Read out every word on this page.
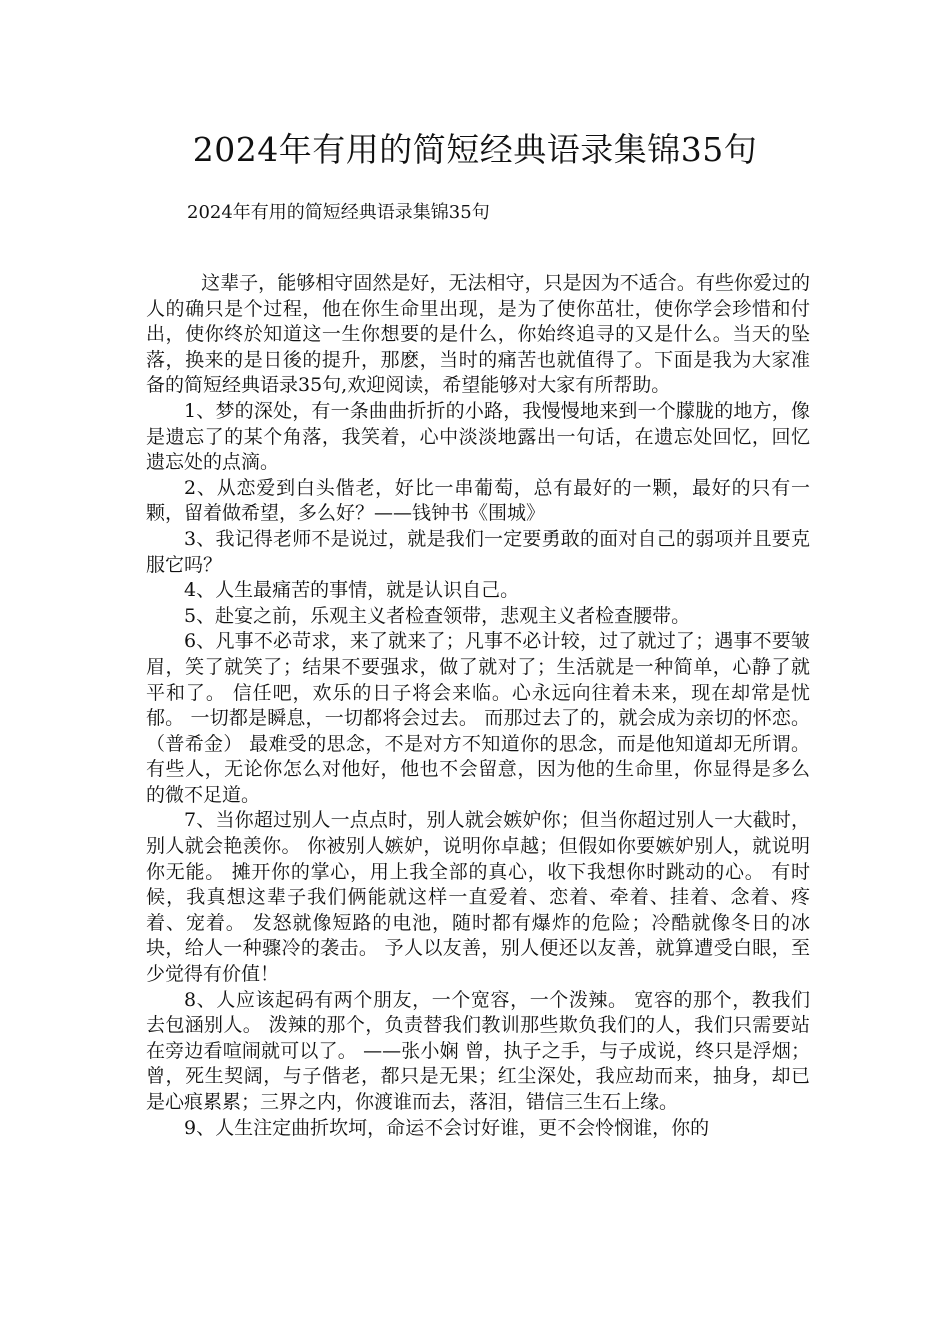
2024年有用的简短经典语录集锦35句

2024年有用的简短经典语录集锦35句

这辈子，能够相守固然是好，无法相守，只是因为不适合。有些你爱过的人的确只是个过程，他在你生命里出现，是为了使你茁壮，使你学会珍惜和付出，使你终於知道这一生你想要的是什么，你始终追寻的又是什么。当天的坠落，换来的是日後的提升，那麽，当时的痛苦也就值得了。下面是我为大家准备的简短经典语录35句,欢迎阅读，希望能够对大家有所帮助。

1、梦的深处，有一条曲曲折折的小路，我慢慢地来到一个朦胧的地方，像是遗忘了的某个角落，我笑着，心中淡淡地露出一句话，在遗忘处回忆，回忆遗忘处的点滴。

2、从恋爱到白头偕老，好比一串葡萄，总有最好的一颗，最好的只有一颗，留着做希望，多么好？——钱钟书《围城》

3、我记得老师不是说过，就是我们一定要勇敢的面对自己的弱项并且要克服它吗？

4、人生最痛苦的事情，就是认识自己。

5、赴宴之前，乐观主义者检查领带，悲观主义者检查腰带。

6、凡事不必苛求，来了就来了；凡事不必计较，过了就过了；遇事不要皱眉，笑了就笑了；结果不要强求，做了就对了；生活就是一种简单，心静了就平和了。 信任吧，欢乐的日子将会来临。心永远向往着未来，现在却常是忧郁。 一切都是瞬息，一切都将会过去。 而那过去了的，就会成为亲切的怀恋。 （普希金） 最难受的思念，不是对方不知道你的思念，而是他知道却无所谓。 有些人，无论你怎么对他好，他也不会留意，因为他的生命里，你显得是多么的微不足道。

7、当你超过别人一点点时，别人就会嫉妒你；但当你超过别人一大截时，别人就会艳羡你。 你被别人嫉妒，说明你卓越；但假如你要嫉妒别人，就说明你无能。 摊开你的掌心，用上我全部的真心，收下我想你时跳动的心。 有时候，我真想这辈子我们俩能就这样一直爱着、恋着、牵着、挂着、念着、疼着、宠着。 发怒就像短路的电池，随时都有爆炸的危险；冷酷就像冬日的冰块，给人一种骤冷的袭击。 予人以友善，别人便还以友善，就算遭受白眼，至少觉得有价值！

8、人应该起码有两个朋友，一个宽容，一个泼辣。 宽容的那个，教我们去包涵别人。 泼辣的那个，负责替我们教训那些欺负我们的人，我们只需要站在旁边看喧闹就可以了。 ——张小娴 曾，执子之手，与子成说，终只是浮烟；曾，死生契阔，与子偕老，都只是无果；红尘深处，我应劫而来，抽身，却已是心痕累累；三界之内，你渡谁而去，落泪，错信三生石上缘。

9、人生注定曲折坎坷，命运不会讨好谁，更不会怜悯谁，你的
